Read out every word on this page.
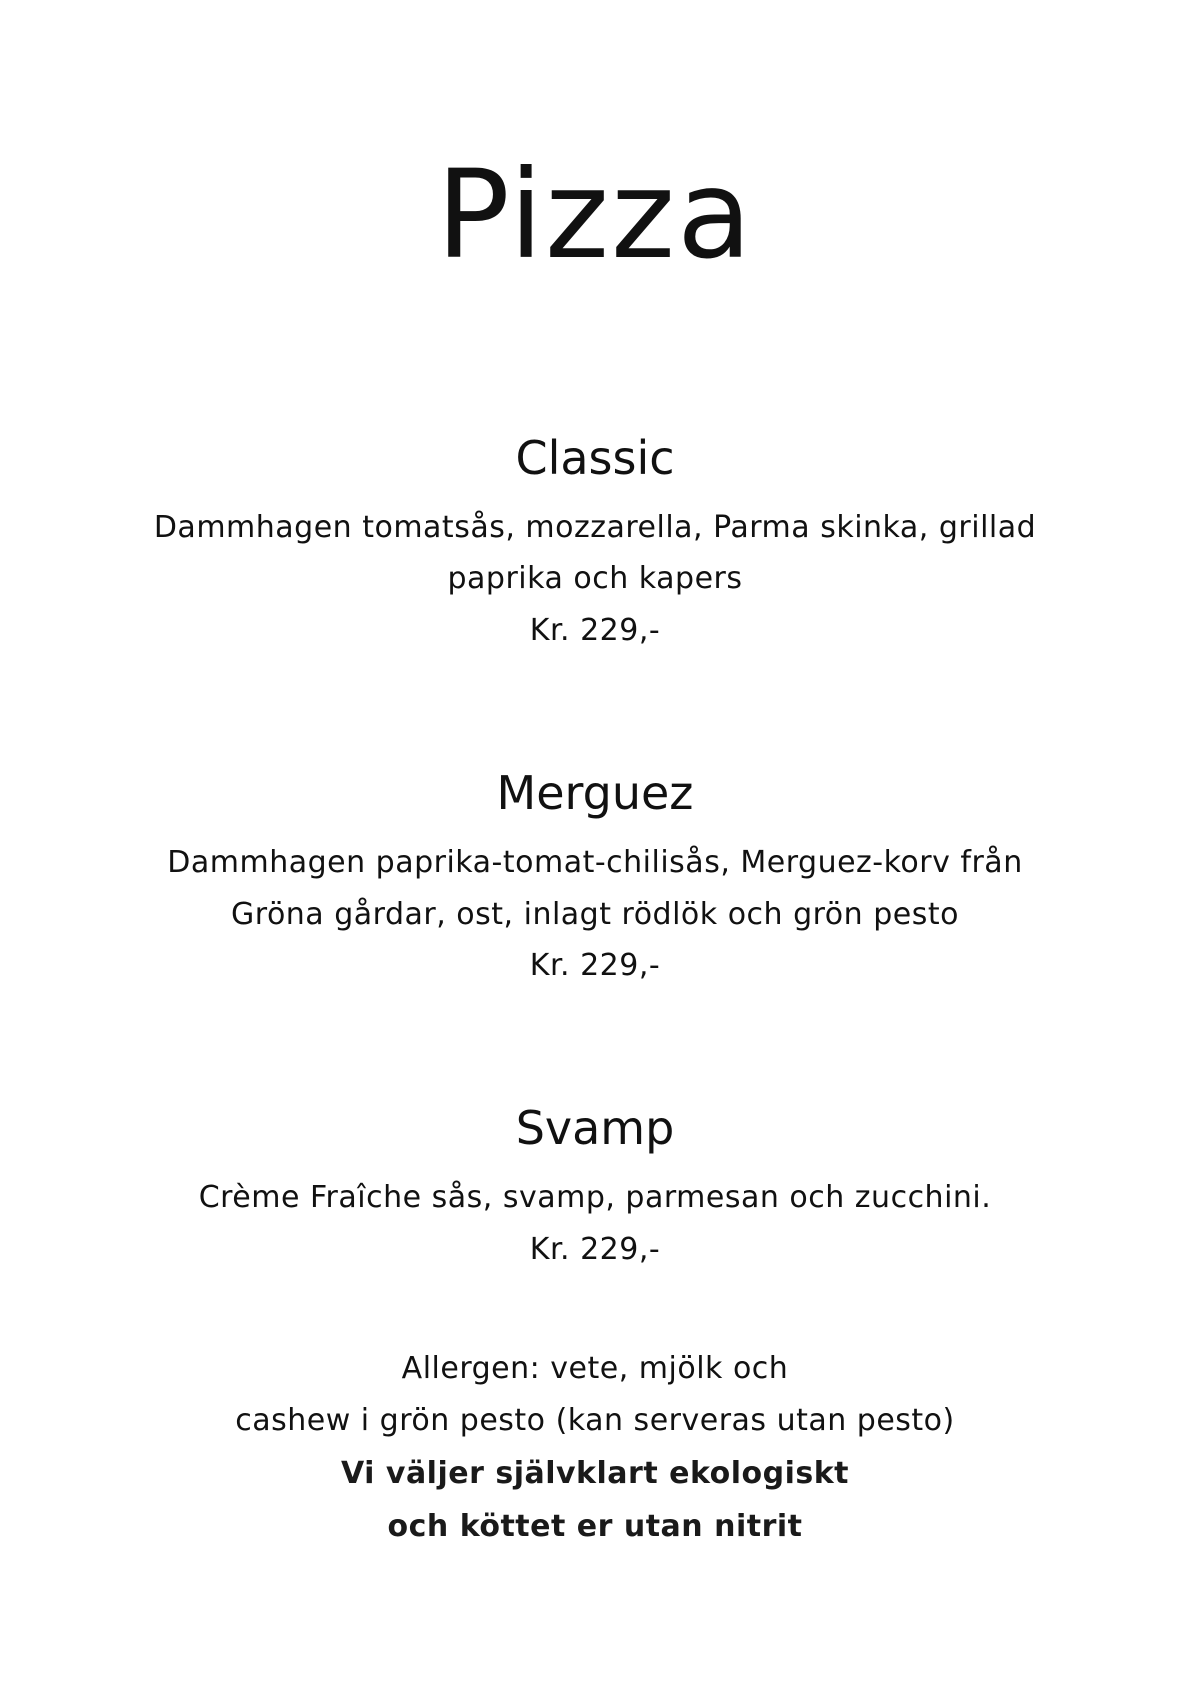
Pizza
Classic
Dammhagen tomatsås, mozzarella, Parma skinka, grillad
paprika och kapers
Kr. 229,-
Merguez
Dammhagen paprika-tomat-chilisås, Merguez-korv från
Gröna gårdar, ost, inlagt rödlök och grön pesto
Kr. 229,-
Svamp
Crème Fraîche sås, svamp, parmesan och zucchini.
Kr. 229,-
Allergen: vete, mjölk och
cashew i grön pesto (kan serveras utan pesto)
Vi väljer självklart ekologiskt
och köttet er utan nitrit
